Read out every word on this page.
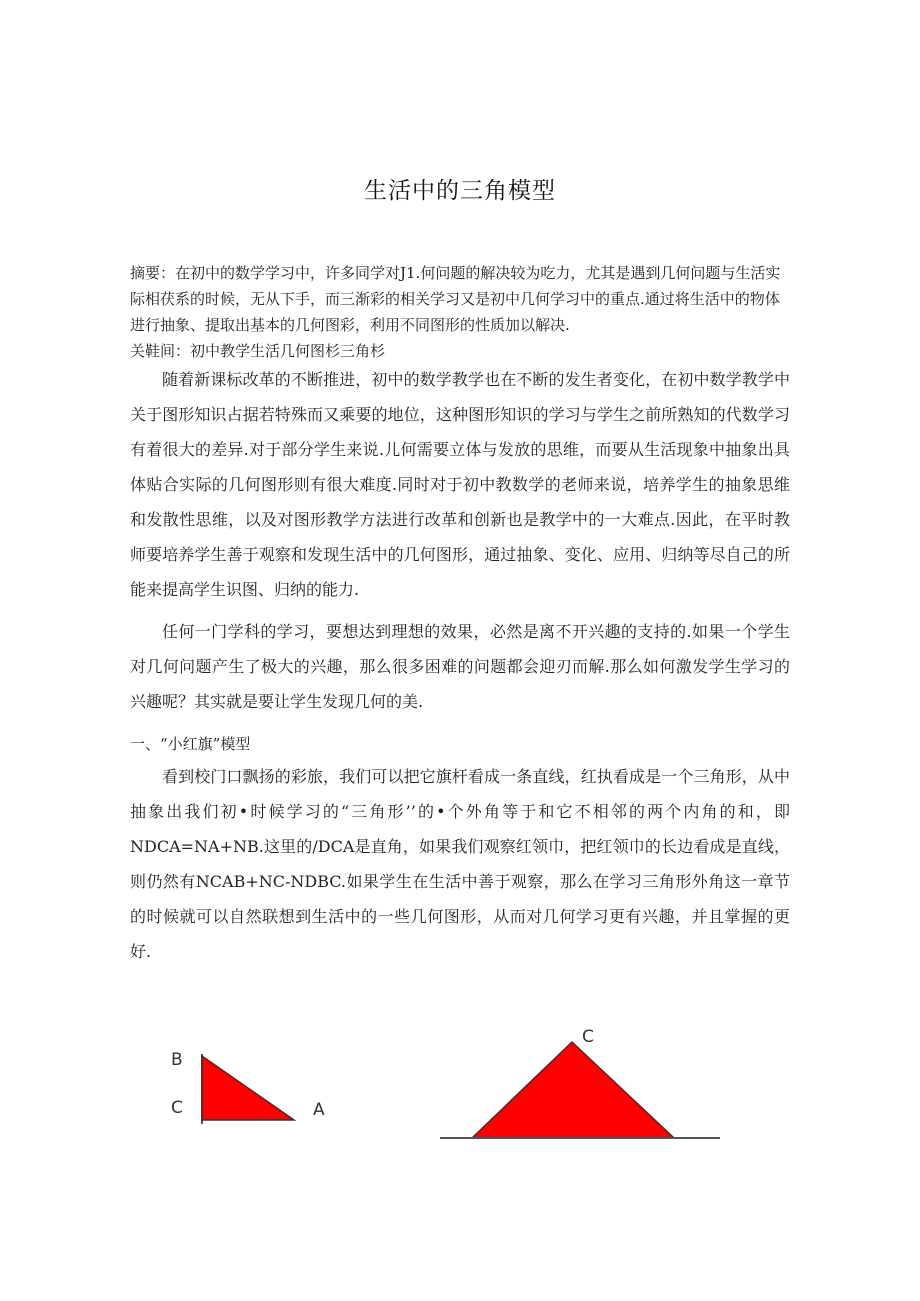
生活中的三角模型
摘要：在初中的数学学习中，许多同学对J1.何问题的解决较为吃力，尤其是遇到几何问题与生活实际相茯系的时候，无从下手，而三渐彩的相关学习又是初中几何学习中的重点.通过将生活中的物体进行抽象、提取出基本的几何图彩，利用不同图形的性质加以解决.
关鞋间：初中教学生活几何图杉三角杉
随着新课标改革的不断推进，初中的数学教学也在不断的发生者变化，在初中数学教学中关于图形知识占据若特殊而又乘要的地位，这种图形知识的学习与学生之前所熟知的代数学习有着很大的差异.对于部分学生来说.儿何需要立体与发放的思维，而要从生活现象中抽象出具体贴合实际的几何图形则有很大难度.同时对于初中教数学的老师来说，培养学生的抽象思维和发散性思维，以及对图形教学方法进行改革和创新也是教学中的一大难点.因此，在平时教师要培养学生善于观察和发现生活中的几何图形，通过抽象、变化、应用、归纳等尽自己的所能来提高学生识图、归纳的能力.
任何一门学科的学习，要想达到理想的效果，必然是离不开兴趣的支持的.如果一个学生对几何问题产生了极大的兴趣，那么很多困难的问题都会迎刃而解.那么如何激发学生学习的兴趣呢？其实就是要让学生发现几何的美.
一、“小红旗”模型
看到校门口飘扬的彩旅，我们可以把它旗杆看成一条直线，红执看成是一个三角形，从中抽象出我们初•时候学习的“三角形’’的•个外角等于和它不相邻的两个内角的和，即NDCA=NA+NB.这里的/DCA是直角，如果我们观察红领巾，把红领巾的长边看成是直线，则仍然有NCAB+NC-NDBC.如果学生在生活中善于观察，那么在学习三角形外角这一章节的时候就可以自然联想到生活中的一些几何图形，从而对几何学习更有兴趣，并且掌握的更好.
B
C	A
C
